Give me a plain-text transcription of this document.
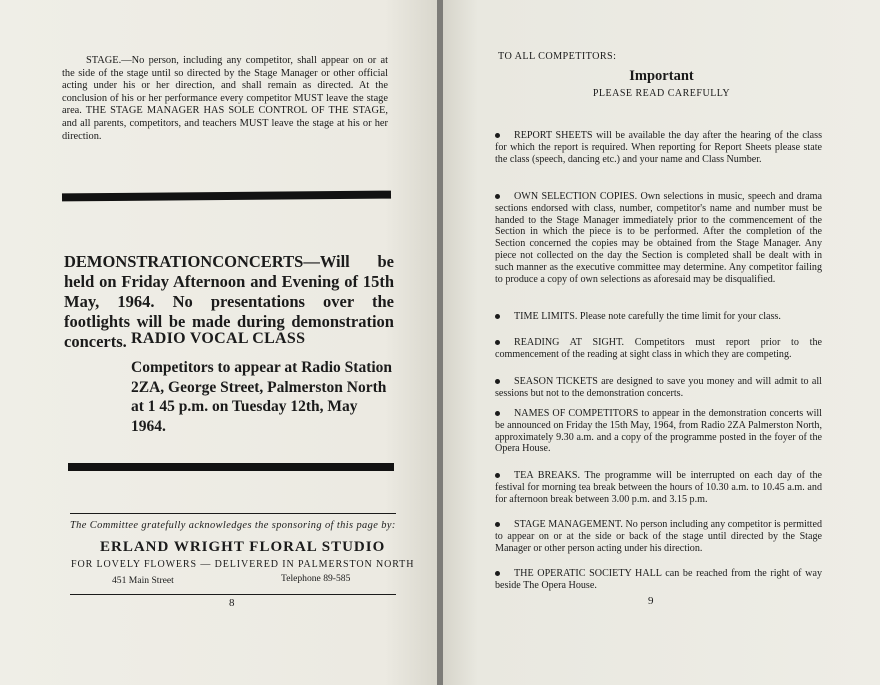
STAGE.—No person, including any competitor, shall appear on or at the side of the stage until so directed by the Stage Manager or other official acting under his or her direction, and shall remain as directed. At the conclusion of his or her performance every competitor MUST leave the stage area. THE STAGE MANAGER HAS SOLE CONTROL OF THE STAGE, and all parents, competitors, and teachers MUST leave the stage at his or her direction.
DEMONSTRATIONCONCERTS—Will be held on Friday Afternoon and Evening of 15th May, 1964. No presentations over the footlights will be made during demonstration concerts. RADIO VOCAL CLASS
Competitors to appear at Radio Station 2ZA, George Street, Palmerston North at 1 45 p.m. on Tuesday 12th, May 1964.
The Committee gratefully acknowledges the sponsoring of this page by:
ERLAND WRIGHT FLORAL STUDIO
FOR LOVELY FLOWERS — DELIVERED IN PALMERSTON NORTH
451 Main Street	Telephone 89-585
8
TO ALL COMPETITORS:
Important
PLEASE READ CAREFULLY
REPORT SHEETS will be available the day after the hearing of the class for which the report is required. When reporting for Report Sheets please state the class (speech, dancing etc.) and your name and Class Number.
OWN SELECTION COPIES. Own selections in music, speech and drama sections endorsed with class, number, competitor's name and number must be handed to the Stage Manager immediately prior to the commencement of the Section in which the piece is to be performed. After the completion of the Section concerned the copies may be obtained from the Stage Manager. Any piece not collected on the day the Section is completed shall be dealt with in such manner as the executive committee may determine. Any competitor failing to produce a copy of own selections as aforesaid may be disqualified.
TIME LIMITS. Please note carefully the time limit for your class.
READING AT SIGHT. Competitors must report prior to the commencement of the reading at sight class in which they are competing.
SEASON TICKETS are designed to save you money and will admit to all sessions but not to the demonstration concerts.
NAMES OF COMPETITORS to appear in the demonstration concerts will be announced on Friday the 15th May, 1964, from Radio 2ZA Palmerston North, approximately 9.30 a.m. and a copy of the programme posted in the foyer of the Opera House.
TEA BREAKS. The programme will be interrupted on each day of the festival for morning tea break between the hours of 10.30 a.m. to 10.45 a.m. and for afternoon break between 3.00 p.m. and 3.15 p.m.
STAGE MANAGEMENT. No person including any competitor is permitted to appear on or at the side or back of the stage until directed by the Stage Manager or other person acting under his direction.
THE OPERATIC SOCIETY HALL can be reached from the right of way beside The Opera House.
9
